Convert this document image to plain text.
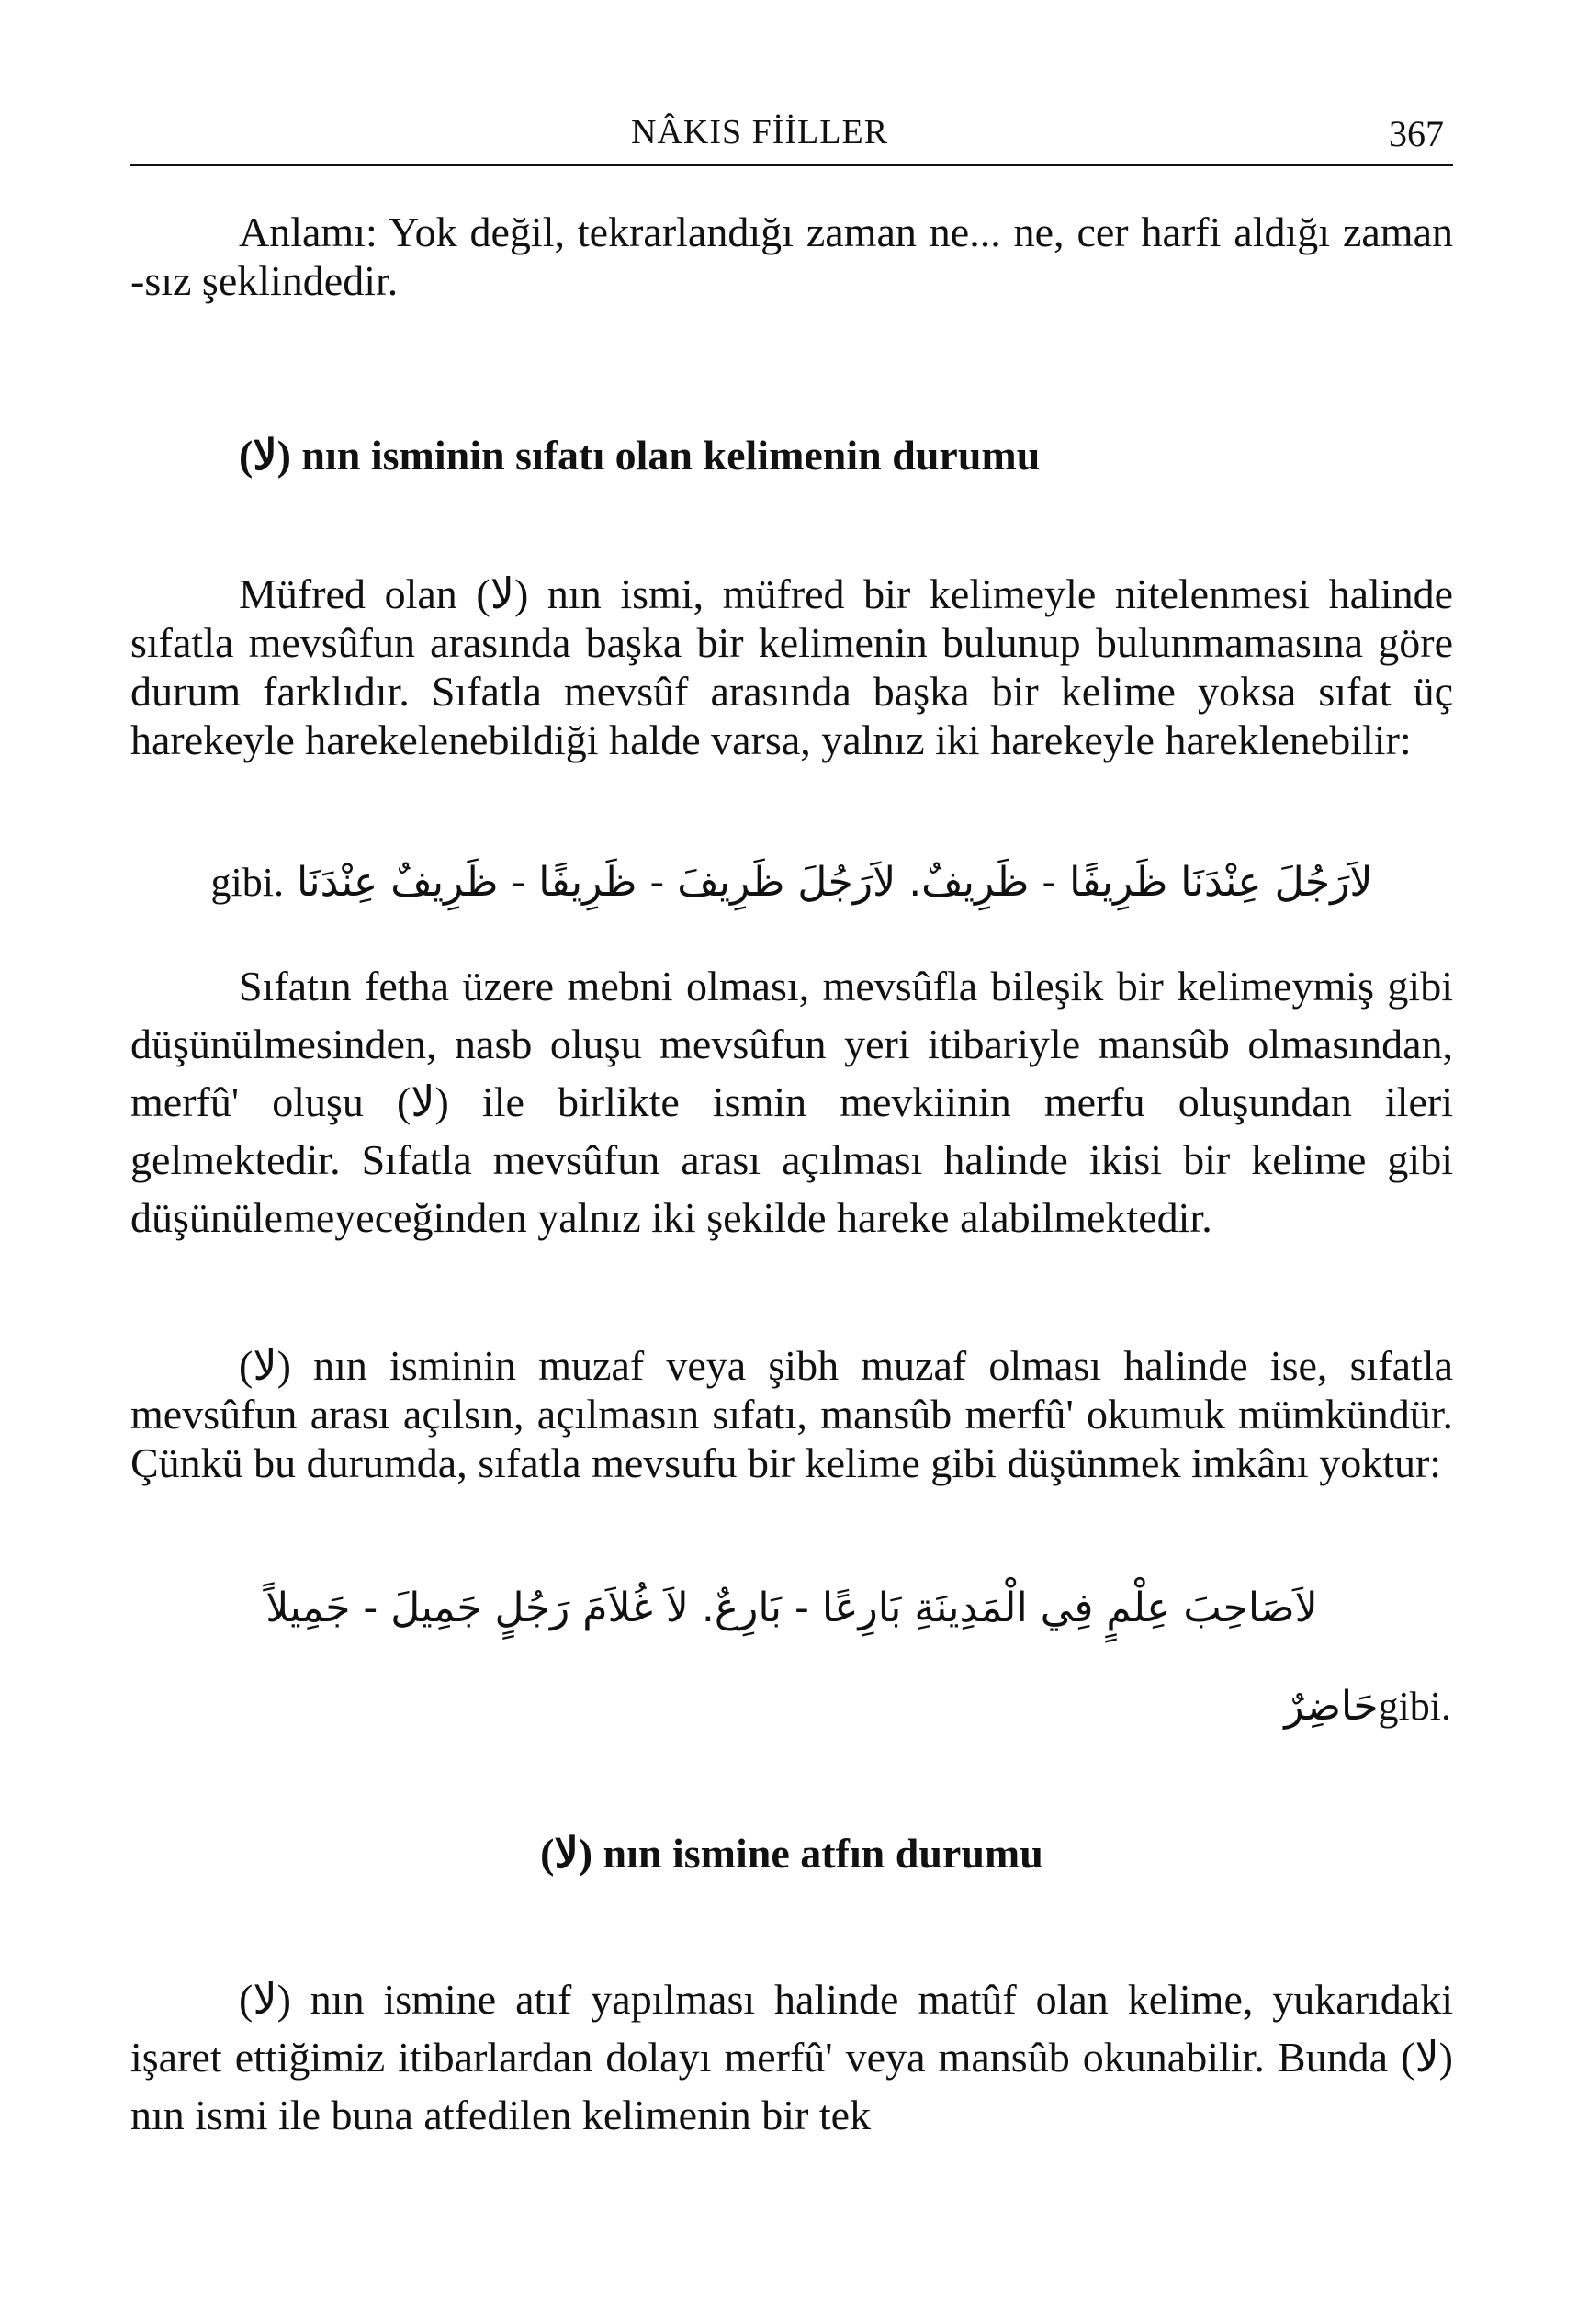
NÂKIS FİİLLER	367
Anlamı: Yok değil, tekrarlandığı zaman ne... ne, cer harfi aldığı zaman -sız şeklindedir.
(لا) nın isminin sıfatı olan kelimenin durumu
Müfred olan (لا) nın ismi, müfred bir kelimeyle nitelenmesi halinde sıfatla mevsûfun arasında başka bir kelimenin bulunup bulunmamasına göre durum farklıdır. Sıfatla mevsûf arasında başka bir kelime yoksa sıfat üç harekeyle harekelenebildiği halde varsa, yalnız iki harekeyle hareklenebilir:
gibi. لاَرَجُلَ عِنْدَنَا ظَرِيفًا - ظَرِيفٌ. لاَرَجُلَ ظَرِيفَ - ظَرِيفًا - ظَرِيفٌ عِنْدَنَا
Sıfatın fetha üzere mebni olması, mevsûfla bileşik bir kelimeymiş gibi düşünülmesinden, nasb oluşu mevsûfun yeri itibariyle mansûb olmasından, merfû' oluşu (لا) ile birlikte ismin mevkiinin merfu oluşundan ileri gelmektedir. Sıfatla mevsûfun arası açılması halinde ikisi bir kelime gibi düşünülemeyeceğinden yalnız iki şekilde hareke alabilmektedir.
(لا) nın isminin muzaf veya şibh muzaf olması halinde ise, sıfatla mevsûfun arası açılsın, açılmasın sıfatı, mansûb merfû' okumuk mümkündür. Çünkü bu durumda, sıfatla mevsufu bir kelime gibi düşünmek imkânı yoktur:
لاَصَاحِبَ عِلْمٍ فِي الْمَدِينَةِ بَارِعًا - بَارِعٌ. لاَ غُلاَمَ رَجُلٍ جَمِيلَ - جَمِيلاً
حَاضِرٌgibi.
(لا) nın ismine atfın durumu
(لا) nın ismine atıf yapılması halinde matûf olan kelime, yukarıdaki işaret ettiğimiz itibarlardan dolayı merfû' veya mansûb okunabilir. Bunda (لا) nın ismi ile buna atfedilen kelimenin bir tek
